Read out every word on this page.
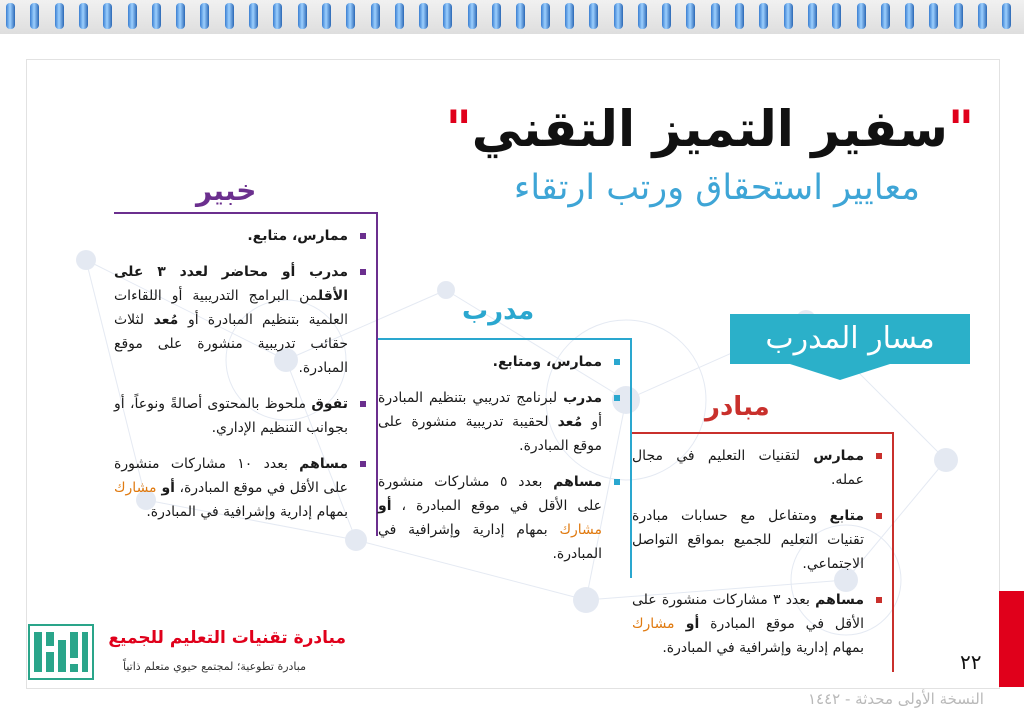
"سفير التميز التقني"
معايير استحقاق ورتب ارتقاء
مسار المدرب
خبير
مدرب
مبادر
ممارس، متابع.
مدرب أو محاضر لعدد ٣ على الأقلمن البرامج التدريبية أو اللقاءات العلمية بتنظيم المبادرة أو مُعد لثلاث حقائب تدريبية منشورة على موقع المبادرة.
تفوق ملحوظ بالمحتوى أصالةً ونوعاً، أو بجوانب التنظيم الإداري.
مساهم بعدد ١٠ مشاركات منشورة على الأقل في موقع المبادرة، أو مشارك بمهام إدارية وإشرافية في المبادرة.
ممارس، ومتابع.
مدرب لبرنامج تدريبي بتنظيم المبادرة أو مُعد لحقيبة تدريبية منشورة على موقع المبادرة.
مساهم بعدد ٥ مشاركات منشورة على الأقل في موقع المبادرة ، أو مشارك بمهام إدارية وإشرافية في المبادرة.
ممارس لتقنيات التعليم في مجال عمله.
متابع ومتفاعل مع حسابات مبادرة تقنيات التعليم للجميع بمواقع التواصل الاجتماعي.
مساهم بعدد ٣ مشاركات منشورة على الأقل في موقع المبادرة أو مشارك بمهام إدارية وإشرافية في المبادرة.
مبادرة تقنيات التعليم للجميع
مبادرة تطوعية؛ لمجتمع حيوي متعلم ذاتياً	٢٢
النسخة الأولى محدثة - ١٤٤٢
